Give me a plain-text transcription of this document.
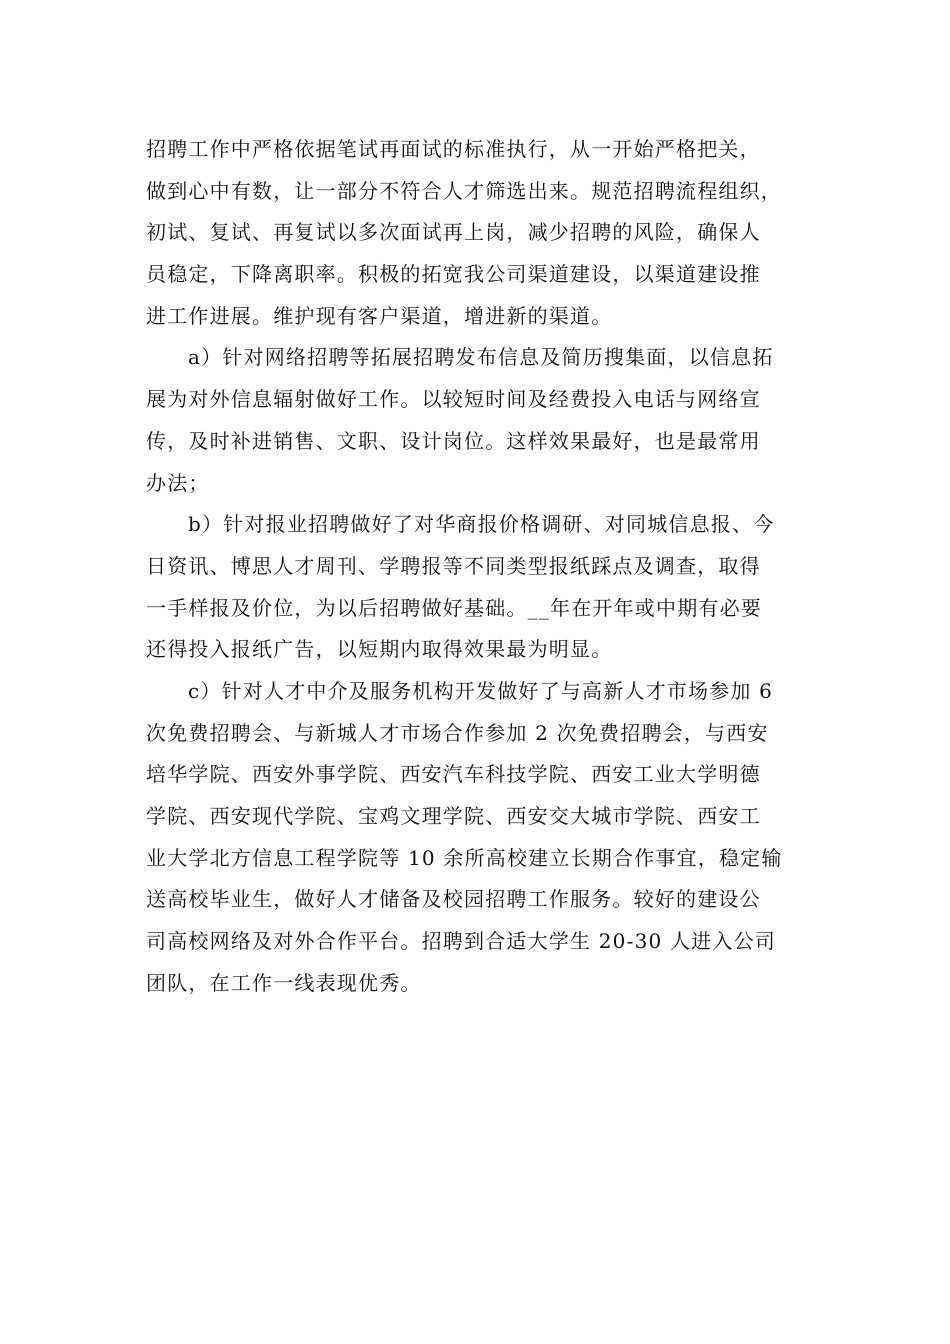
招聘工作中严格依据笔试再面试的标准执行，从一开始严格把关，
做到心中有数，让一部分不符合人才筛选出来。规范招聘流程组织，
初试、复试、再复试以多次面试再上岗，减少招聘的风险，确保人
员稳定，下降离职率。积极的拓宽我公司渠道建设，以渠道建设推
进工作进展。维护现有客户渠道，增进新的渠道。
a）针对网络招聘等拓展招聘发布信息及简历搜集面，以信息拓
展为对外信息辐射做好工作。以较短时间及经费投入电话与网络宣
传，及时补进销售、文职、设计岗位。这样效果最好，也是最常用
办法；
b）针对报业招聘做好了对华商报价格调研、对同城信息报、今
日资讯、博思人才周刊、学聘报等不同类型报纸踩点及调查，取得
一手样报及价位，为以后招聘做好基础。__年在开年或中期有必要
还得投入报纸广告，以短期内取得效果最为明显。
c）针对人才中介及服务机构开发做好了与高新人才市场参加 6
次免费招聘会、与新城人才市场合作参加 2 次免费招聘会，与西安
培华学院、西安外事学院、西安汽车科技学院、西安工业大学明德
学院、西安现代学院、宝鸡文理学院、西安交大城市学院、西安工
业大学北方信息工程学院等 10 余所高校建立长期合作事宜，稳定输
送高校毕业生，做好人才储备及校园招聘工作服务。较好的建设公
司高校网络及对外合作平台。招聘到合适大学生 20-30 人进入公司
团队，在工作一线表现优秀。
